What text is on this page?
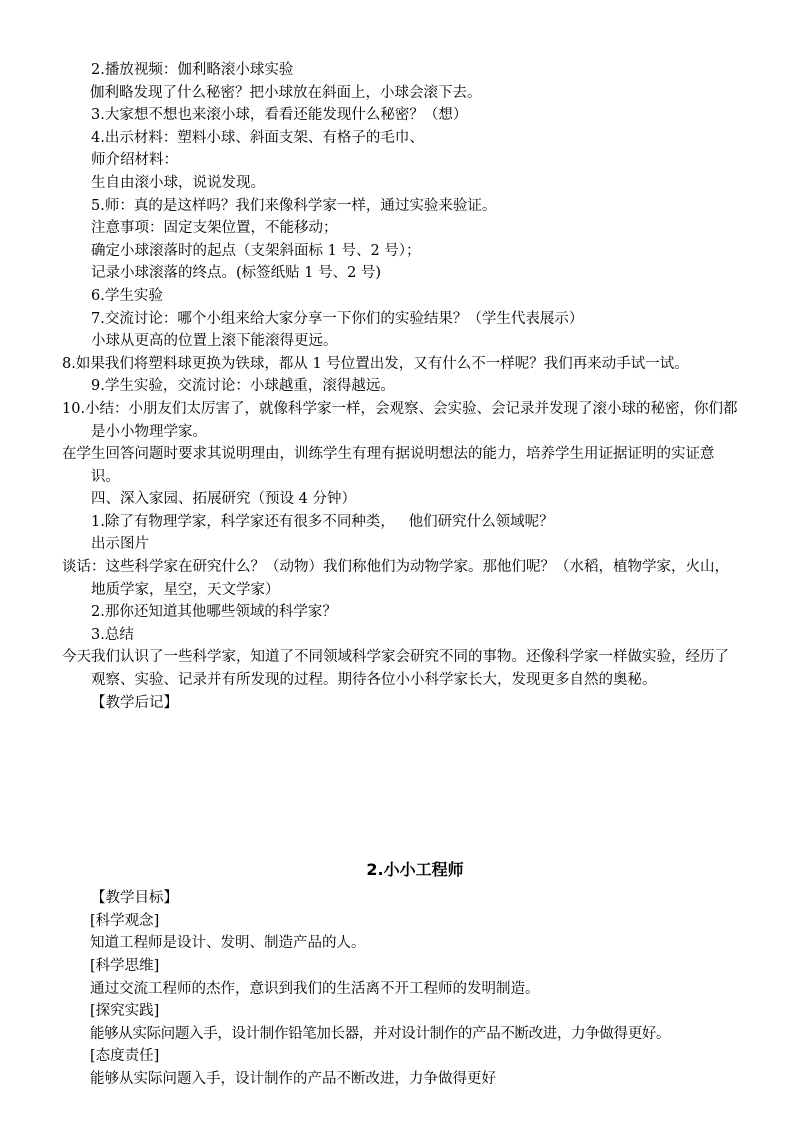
2.播放视频：伽利略滚小球实验

伽利略发现了什么秘密？把小球放在斜面上，小球会滚下去。

3.大家想不想也来滚小球，看看还能发现什么秘密？（想）

4.出示材料：塑料小球、斜面支架、有格子的毛巾、

师介绍材料：

生自由滚小球，说说发现。

5.师：真的是这样吗？我们来像科学家一样，通过实验来验证。

注意事项：固定支架位置，不能移动；

确定小球滚落时的起点（支架斜面标 1 号、2 号）；

记录小球滚落的终点。(标签纸贴 1 号、2 号)

6.学生实验

7.交流讨论：哪个小组来给大家分享一下你们的实验结果？（学生代表展示）

小球从更高的位置上滚下能滚得更远。

8.如果我们将塑料球更换为铁球，都从 1 号位置出发，又有什么不一样呢？我们再来动手试一试。

9.学生实验，交流讨论：小球越重，滚得越远。

10.小结：小朋友们太厉害了，就像科学家一样，会观察、会实验、会记录并发现了滚小球的秘密，你们都是小小物理学家。

在学生回答问题时要求其说明理由，训练学生有理有据说明想法的能力，培养学生用证据证明的实证意识。

四、深入家园、拓展研究（预设 4 分钟）

1.除了有物理学家，科学家还有很多不同种类，   他们研究什么领域呢？

出示图片

谈话：这些科学家在研究什么？（动物）我们称他们为动物学家。那他们呢？（水稻，植物学家，火山，地质学家，星空，天文学家）

2.那你还知道其他哪些领域的科学家？

3.总结

今天我们认识了一些科学家，知道了不同领域科学家会研究不同的事物。还像科学家一样做实验，经历了观察、实验、记录并有所发现的过程。期待各位小小科学家长大，发现更多自然的奥秘。

【教学后记】

2.小小工程师

【教学目标】

[科学观念]

知道工程师是设计、发明、制造产品的人。

[科学思维]

通过交流工程师的杰作，意识到我们的生活离不开工程师的发明制造。

[探究实践]

能够从实际问题入手，设计制作铅笔加长器，并对设计制作的产品不断改进，力争做得更好。

[态度责任]

能够从实际问题入手，设计制作的产品不断改进，力争做得更好
